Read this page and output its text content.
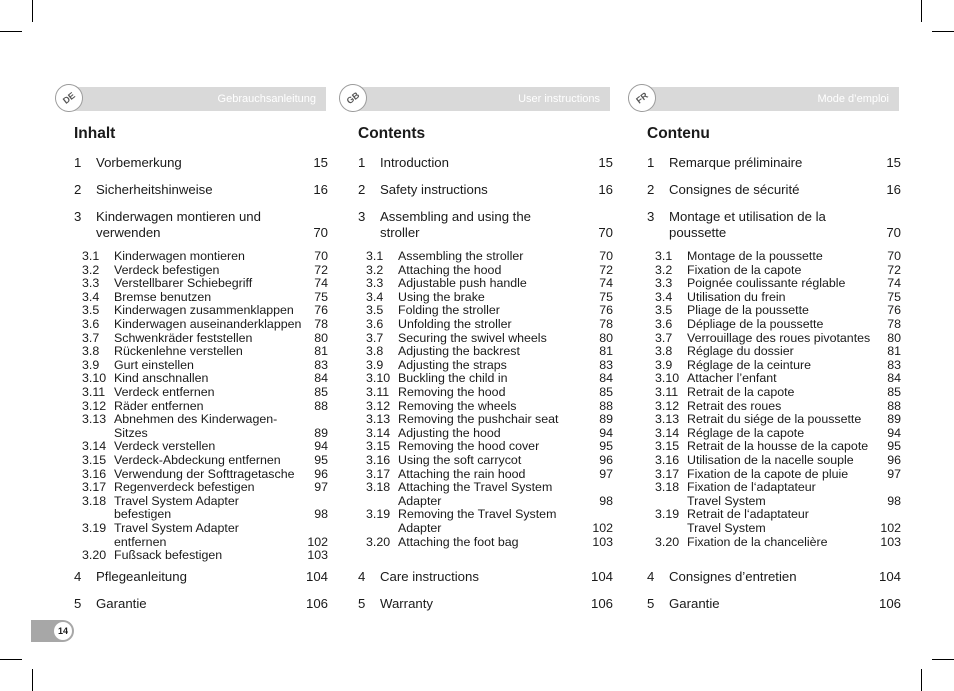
DE	Gebrauchsanleitung
Inhalt
1 Vorbemerkung	15
2 Sicherheitshinweise	16
3 Kinderwagen montieren und
verwenden	70
3.1 Kinderwagen montieren	70
3.2 Verdeck befestigen	72
3.3 Verstellbarer Schiebegriff	74
3.4 Bremse benutzen	75
3.5 Kinderwagen zusammenklappen	76
3.6 Kinderwagen auseinanderklappen 78
3.7 Schwenkräder feststellen	80
3.8 Rückenlehne verstellen	81
3.9 Gurt einstellen	83
3.10 Kind anschnallen	84
3.11 Verdeck entfernen	85
3.12 Räder entfernen	88
3.13 Abnehmen des Kinderwagen-
Sitzes	89
3.14 Verdeck verstellen	94
3.15 Verdeck-Abdeckung entfernen	95
3.16 Verwendung der Softtragetasche	96
3.17 Regenverdeck befestigen	97
3.18 Travel System Adapter
befestigen	98
3.19 Travel System Adapter
entfernen	102
3.20 Fußsack befestigen	103
4 Pflegeanleitung	104
5 Garantie	106
GB	User instructions
Contents
1 Introduction	15
2 Safety instructions	16
3 Assembling and using the
stroller	70
3.1 Assembling the stroller	70
3.2 Attaching the hood	72
3.3 Adjustable push handle	74
3.4 Using the brake	75
3.5 Folding the stroller	76
3.6 Unfolding the stroller	78
3.7 Securing the swivel wheels	80
3.8 Adjusting the backrest	81
3.9 Adjusting the straps	83
3.10 Buckling the child in	84
3.11 Removing the hood	85
3.12 Removing the wheels	88
3.13 Removing the pushchair seat	89
3.14 Adjusting the hood	94
3.15 Removing the hood cover	95
3.16 Using the soft carrycot	96
3.17 Attaching the rain hood	97
3.18 Attaching the Travel System
Adapter	98
3.19 Removing the Travel System
Adapter	102
3.20 Attaching the foot bag	103
4 Care instructions	104
5 Warranty	106
FR	Mode d’emploi
Contenu
1 Remarque préliminaire	15
2 Consignes de sécurité	16
3 Montage et utilisation de la
poussette	70
3.1 Montage de la poussette	70
3.2 Fixation de la capote	72
3.3 Poignée coulissante réglable	74
3.4 Utilisation du frein	75
3.5 Pliage de la poussette	76
3.6 Dépliage de la poussette	78
3.7 Verrouillage des roues pivotantes	80
3.8 Réglage du dossier	81
3.9 Réglage de la ceinture	83
3.10 Attacher l’enfant	84
3.11 Retrait de la capote	85
3.12 Retrait des roues	88
3.13 Retrait du siége de la poussette	89
3.14 Réglage de la capote	94
3.15 Retrait de la housse de la capote	95
3.16 Utilisation de la nacelle souple	96
3.17 Fixation de la capote de pluie	97
3.18 Fixation de l‘adaptateur
Travel System	98
3.19 Retrait de l‘adaptateur
Travel System	102
3.20 Fixation de la chancelière	103
4 Consignes d’entretien	104
5 Garantie	106
14
